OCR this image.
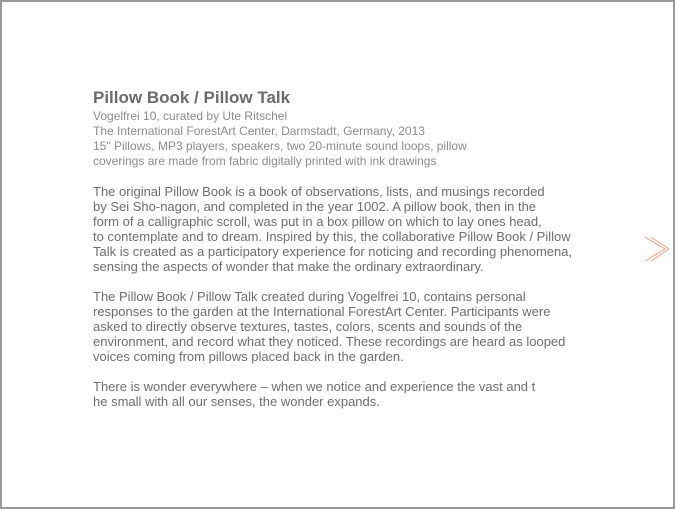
Pillow Book / Pillow Talk
Vogelfrei 10, curated by Ute Ritschel
The International ForestArt Center, Darmstadt, Germany, 2013
15" Pillows, MP3 players, speakers, two 20-minute sound loops, pillow
coverings are made from fabric digitally printed with ink drawings
The original Pillow Book is a book of observations, lists, and musings recorded
by Sei Sho-nagon, and completed in the year 1002. A pillow book, then in the
form of a calligraphic scroll, was put in a box pillow on which to lay ones head,
to contemplate and to dream. Inspired by this, the collaborative Pillow Book / Pillow
Talk is created as a participatory experience for noticing and recording phenomena,
sensing the aspects of wonder that make the ordinary extraordinary.
The Pillow Book / Pillow Talk created during Vogelfrei 10, contains personal
responses to the garden at the International ForestArt Center. Participants were
asked to directly observe textures, tastes, colors, scents and sounds of the
environment, and record what they noticed. These recordings are heard as looped
voices coming from pillows placed back in the garden.
There is wonder everywhere – when we notice and experience the vast and t
he small with all our senses, the wonder expands.
